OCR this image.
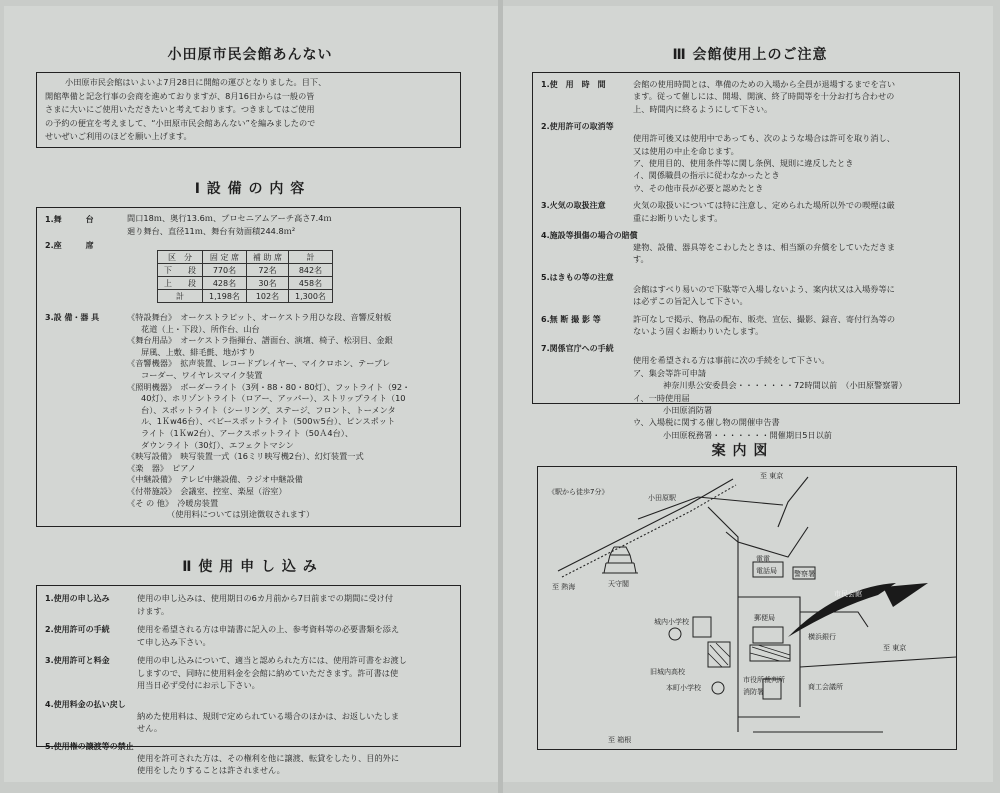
小田原市民会館あんない
小田原市民会館はいよいよ7月28日に開館の運びとなりました。目下、
開館準備と記念行事の会商を進めておりますが、8月16日からは一般の皆
さまに大いにご使用いただきたいと考えております。つきましてはご使用
の予約の便宜を考えまして、“小田原市民会館あんない”を編みましたので
せいぜいご利用のほどを願い上げます。
Ⅰ 設 備 の 内 容
1.舞　　　台	間口18ｍ、奥行13.6ｍ、プロセニアムアーチ高さ7.4ｍ
廻り舞台、直径11ｍ、舞台有効面積244.8ｍ²
2.座　　　席
区　分	固 定 席	補 助 席	計
下　　段	770名	72名	842名
上　　段	428名	30名	458名
計	1,198名	102名	1,300名
3.設 備・器 具	《特設舞台》　オーケストラピット、オーケストラ用ひな段、音響反射板
花道（上・下段）、所作台、山台
《舞台用品》　オーケストラ指揮台、譜面台、演壇、椅子、松羽目、金銀
屏風、上敷、緋毛氈、地がすり
《音響機器》　拡声装置、レコードプレイヤー、マイクロホン、テープレ
コーダー、ワイヤレスマイク装置
《照明機器》　ボーダーライト（3列・88・80・80灯）、フットライト（92・
40灯）、ホリゾントライト（ロアー、アッパー）、ストリップライト（10
台）、スポットライト（シーリング、ステージ、フロント、トーメンタ
ル、1Ｋw46台）、ベビースポットライト（500ｗ5台）、ピンスポット
ライト（1Ｋw2台）、アークスポットライト（50Ａ4台）、
ダウンライト（30灯）、エフェクトマシン
《映写設備》　映写装置一式（16ミリ映写機2台）、幻灯装置一式
《楽　器》　ピアノ
《中継設備》　テレビ中継設備、ラジオ中継設備
《付帯施設》　会議室、控室、楽屋（浴室）
《そ の 他》　冷暖房装置
（使用料については別途徴収されます）
Ⅱ 使 用 申 し 込 み
1.使用の申し込み	使用の申し込みは、使用期日の6カ月前から7日前までの期間に受け付
けます。
2.使用許可の手続	使用を希望される方は申請書に記入の上、参考資料等の必要書類を添え
て申し込み下さい。
3.使用許可と料金	使用の申し込みについて、適当と認められた方には、使用許可書をお渡し
しますので、同時に使用料金を会館に納めていただきます。許可書は使
用当日必ず受付にお示し下さい。
4.使用料金の払い戻し
納めた使用料は、規則で定められている場合のほかは、お返しいたしま
せん。
5.使用権の譲渡等の禁止
使用を許可された方は、その権利を他に譲渡、転貸をしたり、目的外に
使用をしたりすることは許されません。
Ⅲ 会館使用上のご注意
1.使　用　時　間	会館の使用時間とは、準備のための入場から全員が退場するまでを言い
ます。従って催しには、開場、開演、終了時間等を十分お打ち合わせの
上、時間内に終るようにして下さい。
2.使用許可の取消等
使用許可後又は使用中であっても、次のような場合は許可を取り消し、
又は使用の中止を命じます。
ア、使用目的、使用条件等に関し条例、規則に違反したとき
イ、関係職員の指示に従わなかったとき
ウ、その他市長が必要と認めたとき
3.火気の取扱注意	火気の取扱いについては特に注意し、定められた場所以外での喫煙は厳
重にお断りいたします。
4.施設等損傷の場合の賠償
建物、設備、器具等をこわしたときは、相当額の弁償をしていただきま
す。
5.はきもの等の注意
会館はすべり易いので下駄等で入場しないよう、案内状又は入場券等に
は必ずこの旨記入して下さい。
6.無 断 撮 影 等	許可なしで掲示、物品の配布、販売、宣伝、撮影、録音、寄付行為等の
ないよう固くお断わりいたします。
7.関係官庁への手続
使用を希望される方は事前に次の手続をして下さい。
ア、集会等許可申請
神奈川県公安委員会・・・・・・・72時間以前　（小田原警察署）
イ、一時使用届
小田原消防署
ウ、入場税に関する催し物の開催申告書
小田原税務署・・・・・・・開催期日5日以前
案 内 図
《駅から徒歩7分》
至 東京
小田原駅
至 熱海	天守閣
電電
電話局 警察署
市民会館
郵便局
横浜銀行
至 東京
城内小学校
旧城内高校
本町小学校
市役所
消防署
裁判所
商工会議所
至 箱根
